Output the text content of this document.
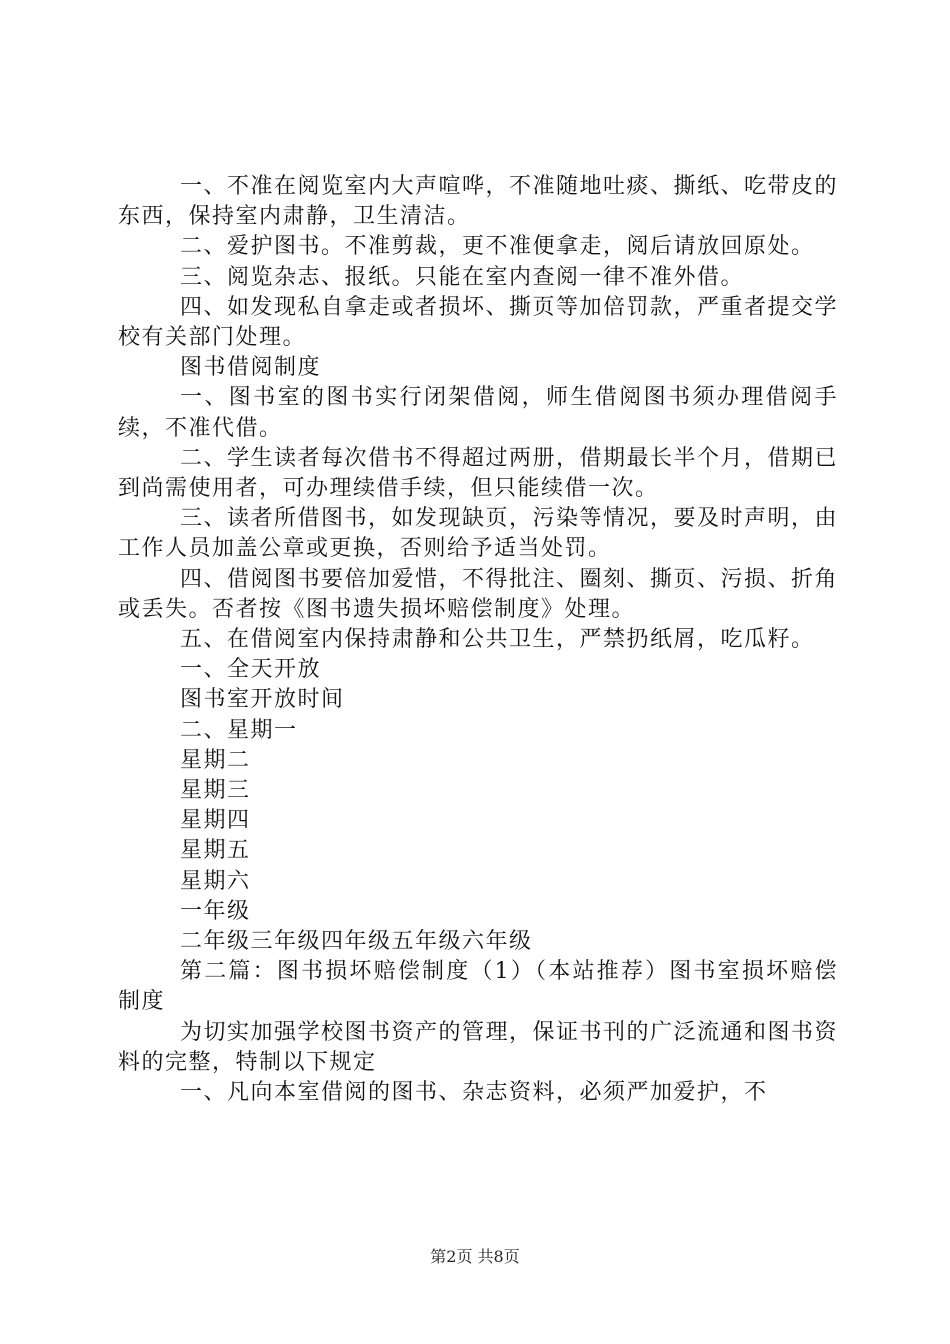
一、不准在阅览室内大声喧哗，不准随地吐痰、撕纸、吃带皮的东西，保持室内肃静，卫生清洁。

二、爱护图书。不准剪裁，更不准便拿走，阅后请放回原处。

三、阅览杂志、报纸。只能在室内查阅一律不准外借。

四、如发现私自拿走或者损坏、撕页等加倍罚款，严重者提交学校有关部门处理。

图书借阅制度

一、图书室的图书实行闭架借阅，师生借阅图书须办理借阅手续，不准代借。

二、学生读者每次借书不得超过两册，借期最长半个月，借期已到尚需使用者，可办理续借手续，但只能续借一次。

三、读者所借图书，如发现缺页，污染等情况，要及时声明，由工作人员加盖公章或更换，否则给予适当处罚。

四、借阅图书要倍加爱惜，不得批注、圈刻、撕页、污损、折角或丢失。否者按《图书遗失损坏赔偿制度》处理。

五、在借阅室内保持肃静和公共卫生，严禁扔纸屑，吃瓜籽。

一、全天开放

图书室开放时间

二、星期一

星期二

星期三

星期四

星期五

星期六

一年级

二年级三年级四年级五年级六年级

第二篇：图书损坏赔偿制度（1）（本站推荐）图书室损坏赔偿制度

为切实加强学校图书资产的管理，保证书刊的广泛流通和图书资料的完整，特制以下规定

一、凡向本室借阅的图书、杂志资料，必须严加爱护，不

第2页 共8页
